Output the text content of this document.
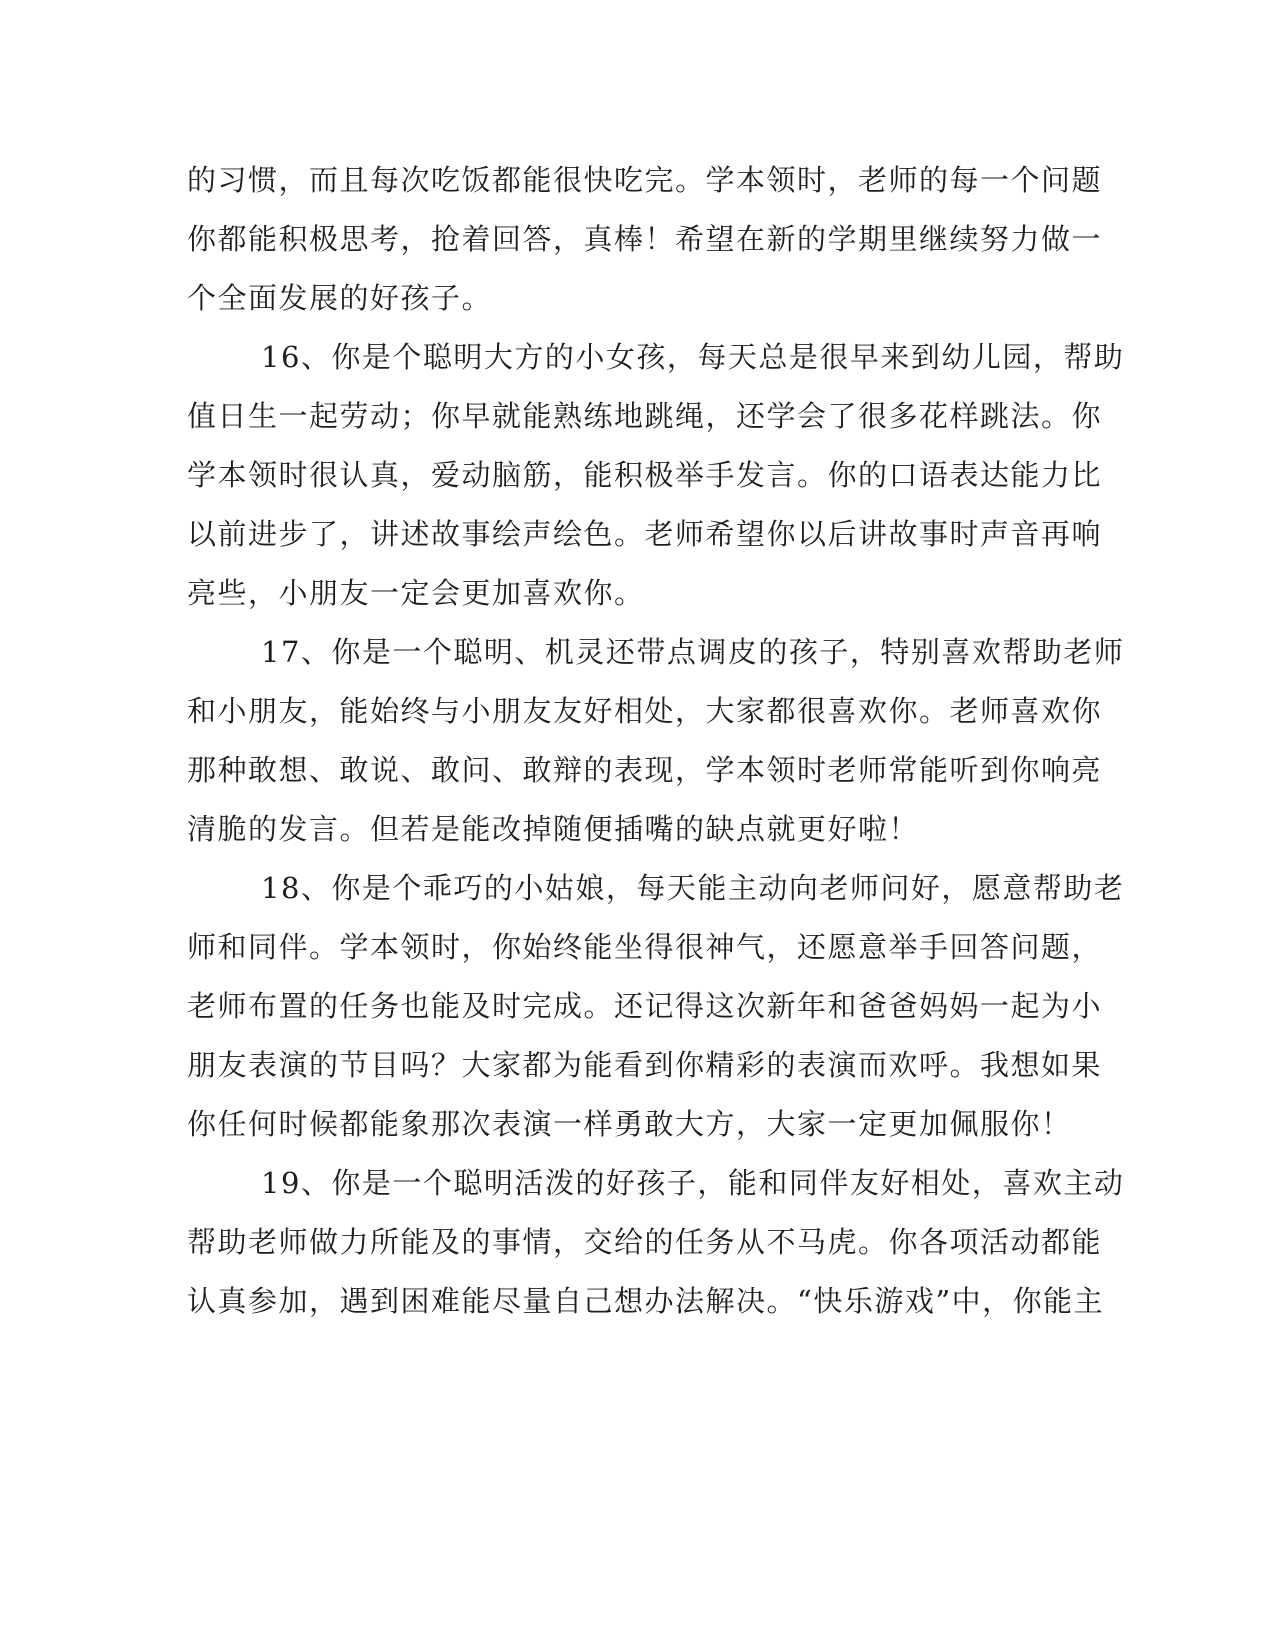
的习惯，而且每次吃饭都能很快吃完。学本领时，老师的每一个问题
你都能积极思考，抢着回答，真棒！希望在新的学期里继续努力做一
个全面发展的好孩子。
16、你是个聪明大方的小女孩，每天总是很早来到幼儿园，帮助
值日生一起劳动；你早就能熟练地跳绳，还学会了很多花样跳法。你
学本领时很认真，爱动脑筋，能积极举手发言。你的口语表达能力比
以前进步了，讲述故事绘声绘色。老师希望你以后讲故事时声音再响
亮些，小朋友一定会更加喜欢你。
17、你是一个聪明、机灵还带点调皮的孩子，特别喜欢帮助老师
和小朋友，能始终与小朋友友好相处，大家都很喜欢你。老师喜欢你
那种敢想、敢说、敢问、敢辩的表现，学本领时老师常能听到你响亮
清脆的发言。但若是能改掉随便插嘴的缺点就更好啦！
18、你是个乖巧的小姑娘，每天能主动向老师问好，愿意帮助老
师和同伴。学本领时，你始终能坐得很神气，还愿意举手回答问题，
老师布置的任务也能及时完成。还记得这次新年和爸爸妈妈一起为小
朋友表演的节目吗？大家都为能看到你精彩的表演而欢呼。我想如果
你任何时候都能象那次表演一样勇敢大方，大家一定更加佩服你！
19、你是一个聪明活泼的好孩子，能和同伴友好相处，喜欢主动
帮助老师做力所能及的事情，交给的任务从不马虎。你各项活动都能
认真参加，遇到困难能尽量自己想办法解决。“快乐游戏”中，你能主
